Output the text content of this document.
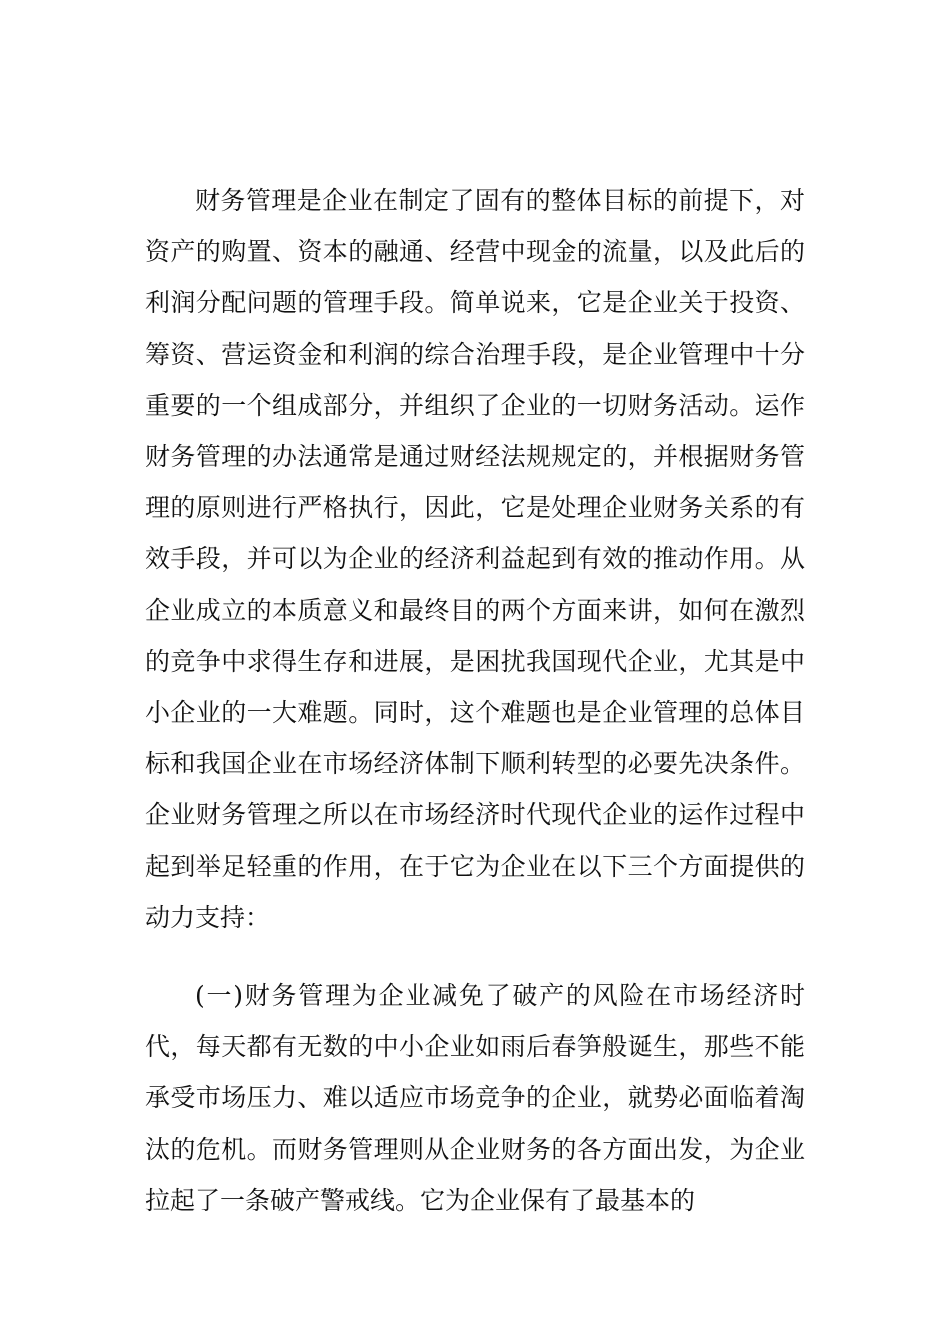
财务管理是企业在制定了固有的整体目标的前提下，对资产的购置、资本的融通、经营中现金的流量，以及此后的利润分配问题的管理手段。简单说来，它是企业关于投资、筹资、营运资金和利润的综合治理手段，是企业管理中十分重要的一个组成部分，并组织了企业的一切财务活动。运作财务管理的办法通常是通过财经法规规定的，并根据财务管理的原则进行严格执行，因此，它是处理企业财务关系的有效手段，并可以为企业的经济利益起到有效的推动作用。从企业成立的本质意义和最终目的两个方面来讲，如何在激烈的竞争中求得生存和进展，是困扰我国现代企业，尤其是中小企业的一大难题。同时，这个难题也是企业管理的总体目标和我国企业在市场经济体制下顺利转型的必要先决条件。企业财务管理之所以在市场经济时代现代企业的运作过程中起到举足轻重的作用，在于它为企业在以下三个方面提供的动力支持：

(一)财务管理为企业减免了破产的风险在市场经济时代，每天都有无数的中小企业如雨后春笋般诞生，那些不能承受市场压力、难以适应市场竞争的企业，就势必面临着淘汰的危机。而财务管理则从企业财务的各方面出发，为企业拉起了一条破产警戒线。它为企业保有了最基本的
